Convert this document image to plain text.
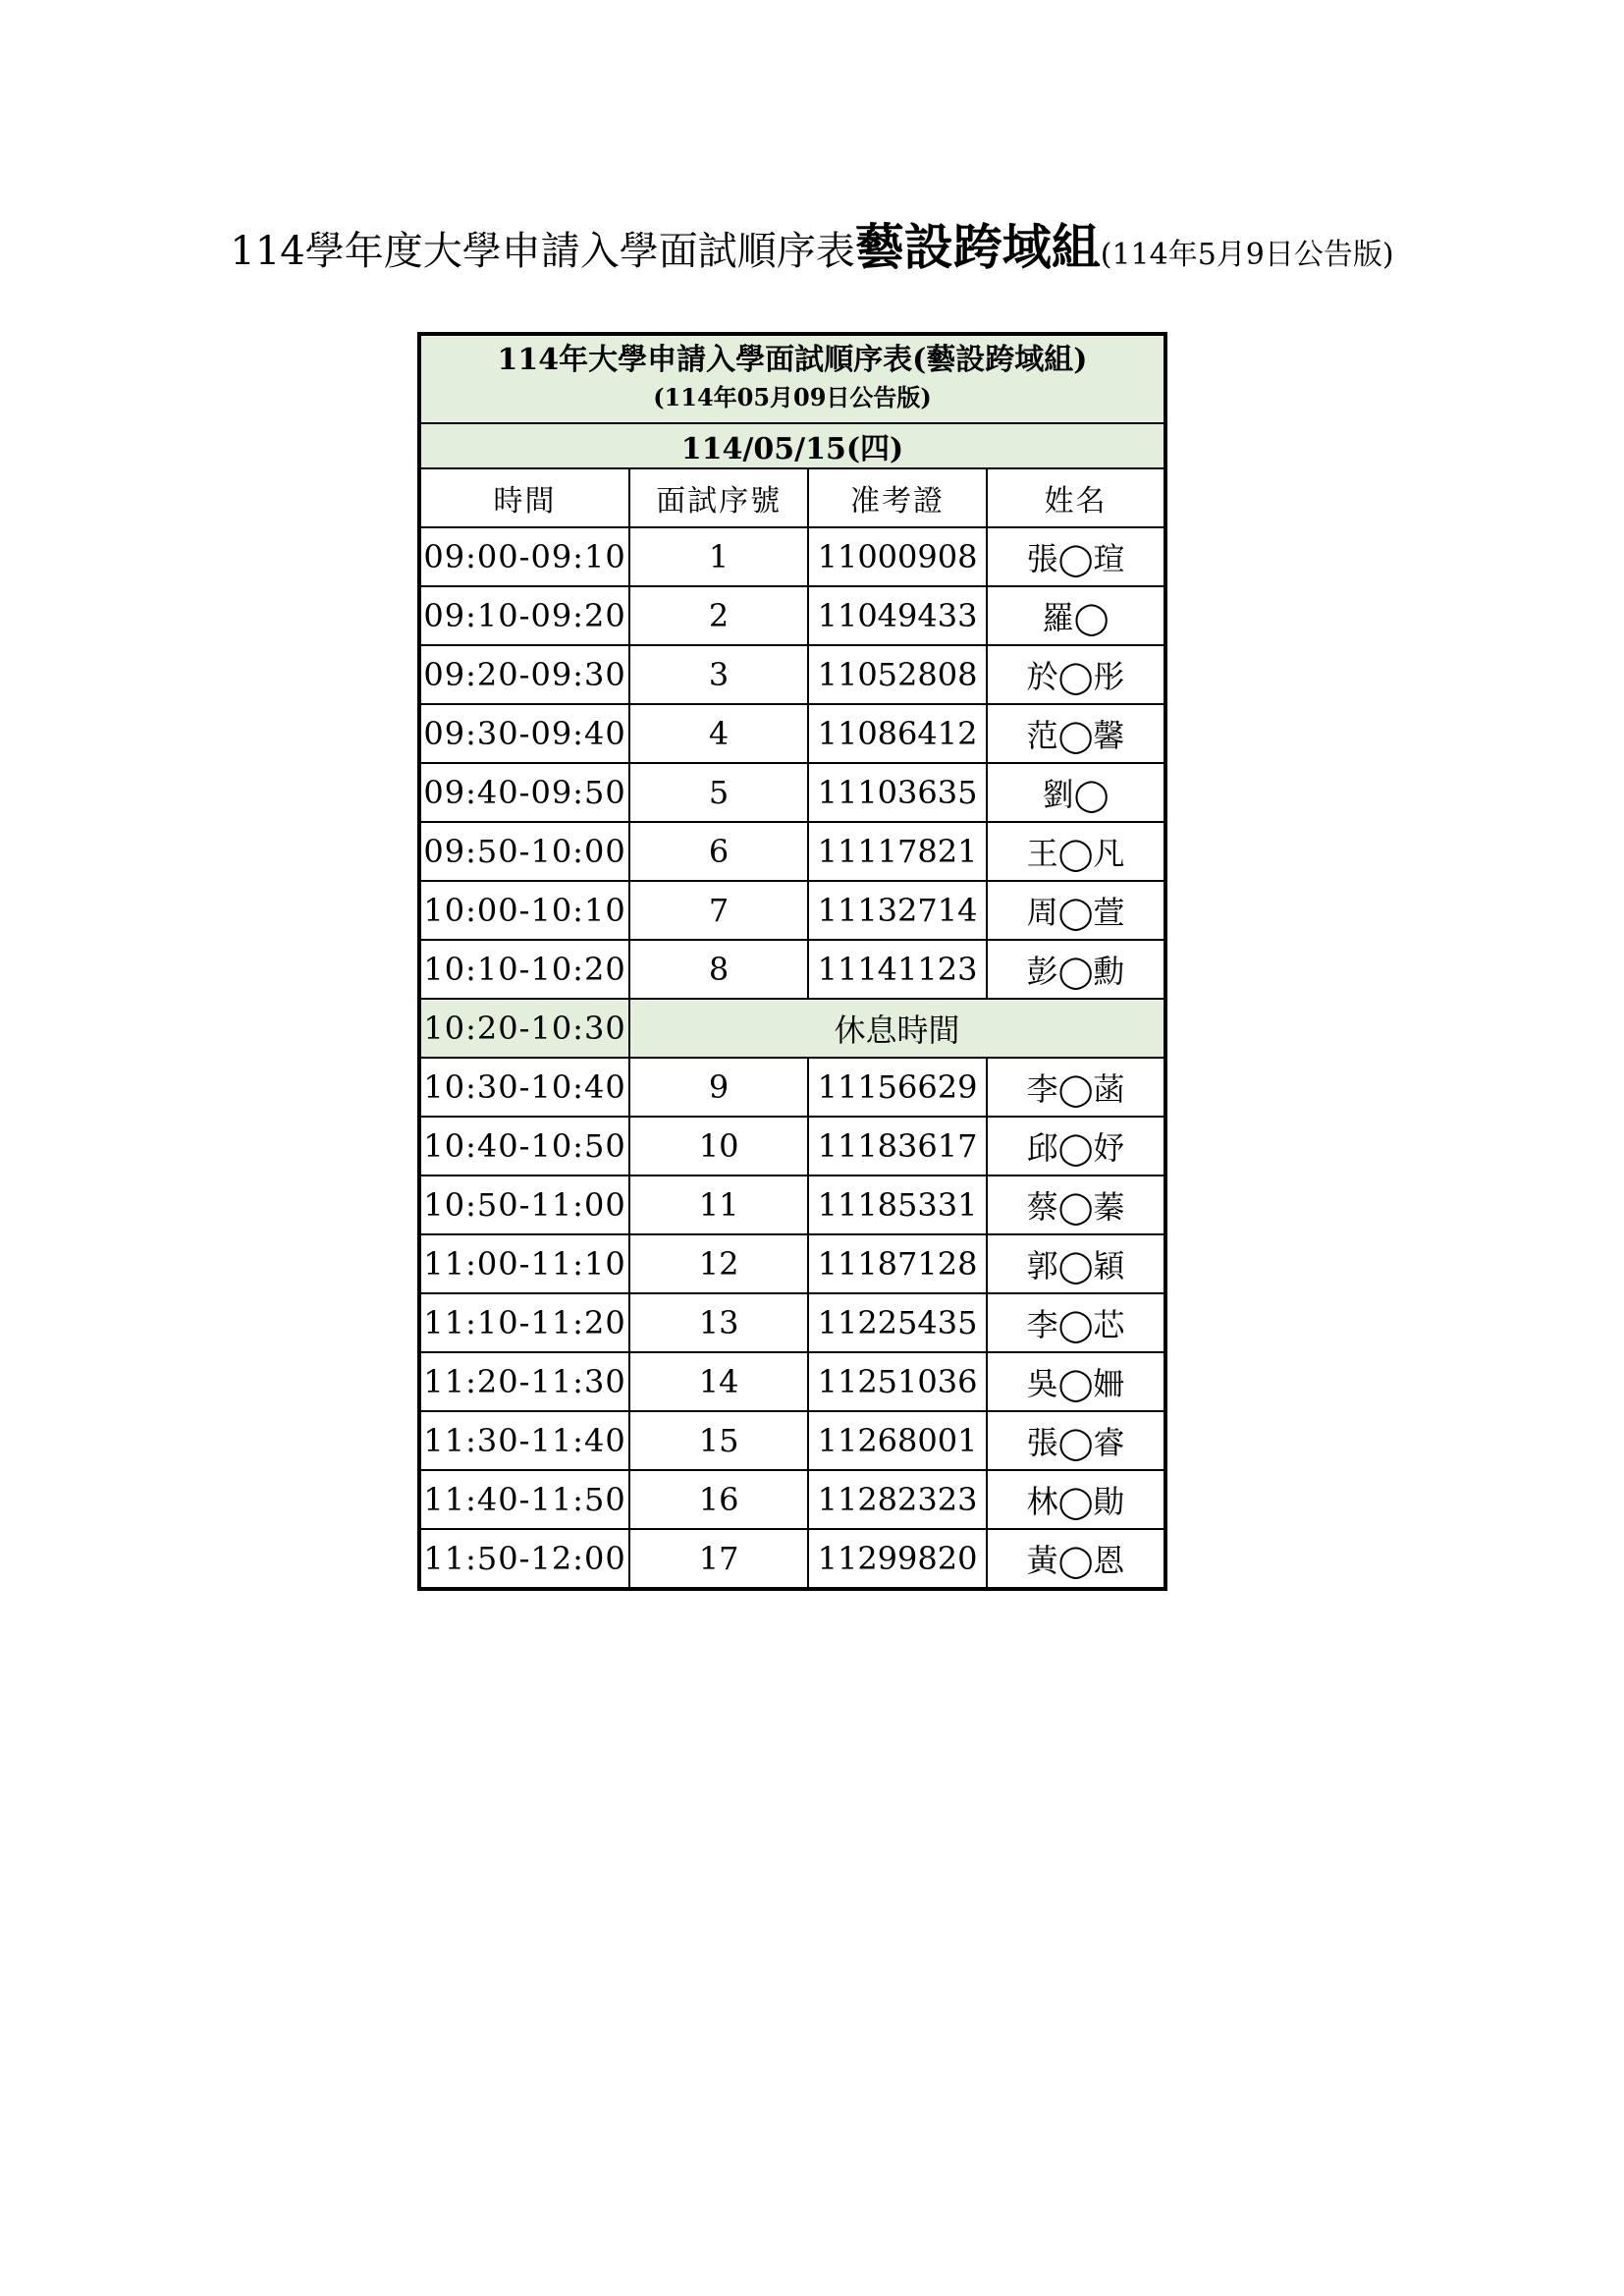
114學年度大學申請入學面試順序表藝設跨域組(114年5月9日公告版)
114年大學申請入學面試順序表(藝設跨域組)
(114年05月09日公告版)			

114/05/15(四)			
時間	面試序號	准考證	姓名
09:00-09:10	1	11000908	張◯瑄
09:10-09:20	2	11049433	羅◯
09:20-09:30	3	11052808	於◯彤
09:30-09:40	4	11086412	范◯馨
09:40-09:50	5	11103635	劉◯
09:50-10:00	6	11117821	王◯凡
10:00-10:10	7	11132714	周◯萱
10:10-10:20	8	11141123	彭◯勳
10:20-10:30	休息時間		
10:30-10:40	9	11156629	李◯菡
10:40-10:50	10	11183617	邱◯妤
10:50-11:00	11	11185331	蔡◯蓁
11:00-11:10	12	11187128	郭◯穎
11:10-11:20	13	11225435	李◯芯
11:20-11:30	14	11251036	吳◯姍
11:30-11:40	15	11268001	張◯睿
11:40-11:50	16	11282323	林◯勛
11:50-12:00	17	11299820	黃◯恩
